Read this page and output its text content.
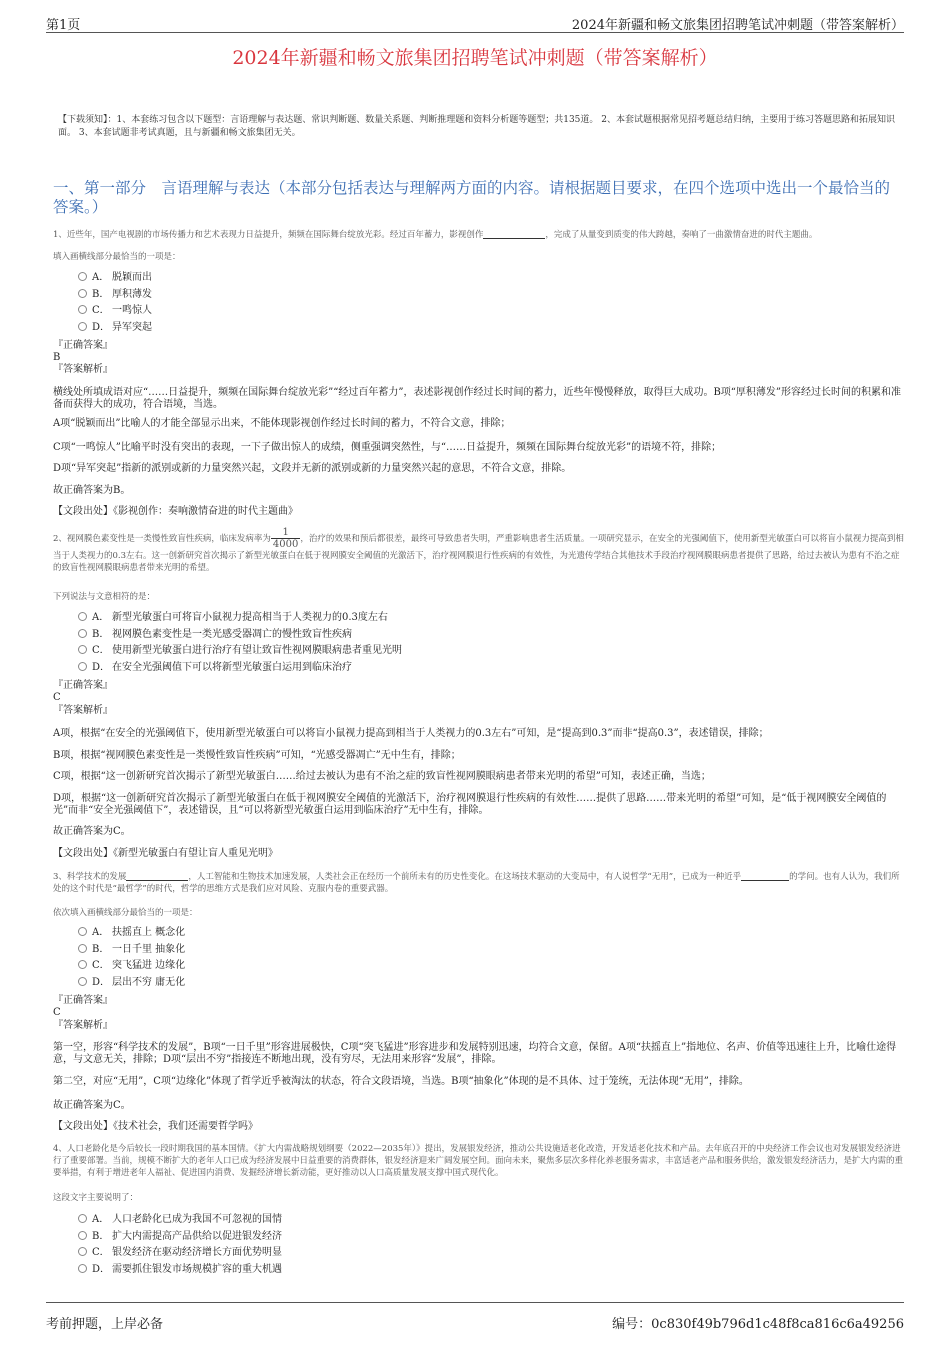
第1页	2024年新疆和畅文旅集团招聘笔试冲刺题（带答案解析）
2024年新疆和畅文旅集团招聘笔试冲刺题（带答案解析）
【下载须知】：1、本套练习包含以下题型：言语理解与表达题、常识判断题、数量关系题、判断推理题和资料分析题等题型；共135道。 2、本套试题根据常见招考题总结归纳，主要用于练习答题思路和拓展知识面。 3、本套试题非考试真题，且与新疆和畅文旅集团无关。
一、第一部分　言语理解与表达（本部分包括表达与理解两方面的内容。请根据题目要求，在四个选项中选出一个最恰当的答案。）
1、近些年，国产电视剧的市场传播力和艺术表现力日益提升，频频在国际舞台绽放光彩。经过百年蓄力，影视创作	，完成了从量变到质变的伟大跨越，奏响了一曲激情奋进的时代主题曲。
填入画横线部分最恰当的一项是：
A． 脱颖而出
B． 厚积薄发
C． 一鸣惊人
D． 异军突起
『正确答案』
B
『答案解析』
横线处所填成语对应“……日益提升，频频在国际舞台绽放光彩”“经过百年蓄力”，表述影视创作经过长时间的蓄力，近些年慢慢释放，取得巨大成功。B项“厚积薄发”形容经过长时间的积累和准备而获得大的成功，符合语境，当选。
A项“脱颖而出”比喻人的才能全部显示出来，不能体现影视创作经过长时间的蓄力，不符合文意，排除；
C项“一鸣惊人”比喻平时没有突出的表现，一下子做出惊人的成绩，侧重强调突然性，与“……日益提升，频频在国际舞台绽放光彩”的语境不符，排除；
D项“异军突起”指新的派别或新的力量突然兴起，文段并无新的派别或新的力量突然兴起的意思，不符合文意，排除。
故正确答案为B。
【文段出处】《影视创作：奏响激情奋进的时代主题曲》
2、视网膜色素变性是一类慢性致盲性疾病，临床发病率为 $\frac{1}{4000}$ ，治疗的效果和预后都很差，最终可导致患者失明，严重影响患者生活质量。一项研究显示，在安全的光强阈值下，使用新型光敏蛋白可以将盲小鼠视力提高到相当于人类视力的0.3左右。这一创新研究首次揭示了新型光敏蛋白在低于视网膜安全阈值的光激活下，治疗视网膜退行性疾病的有效性，为光遗传学结合其他技术手段治疗视网膜眼病患者提供了思路，给过去被认为患有不治之症的致盲性视网膜眼病患者带来光明的希望。
下列说法与文意相符的是：
A． 新型光敏蛋白可将盲小鼠视力提高相当于人类视力的0.3度左右
B． 视网膜色素变性是一类光感受器凋亡的慢性致盲性疾病
C． 使用新型光敏蛋白进行治疗有望让致盲性视网膜眼病患者重见光明
D． 在安全光强阈值下可以将新型光敏蛋白运用到临床治疗
『正确答案』
C
『答案解析』
A项，根据“在安全的光强阈值下，使用新型光敏蛋白可以将盲小鼠视力提高到相当于人类视力的0.3左右”可知，是“提高到0.3”而非“提高0.3”，表述错误，排除；
B项，根据“视网膜色素变性是一类慢性致盲性疾病”可知，“光感受器凋亡”无中生有，排除；
C项，根据“这一创新研究首次揭示了新型光敏蛋白……给过去被认为患有不治之症的致盲性视网膜眼病患者带来光明的希望”可知，表述正确，当选；
D项，根据“这一创新研究首次揭示了新型光敏蛋白在低于视网膜安全阈值的光激活下，治疗视网膜退行性疾病的有效性……提供了思路……带来光明的希望”可知，是“低于视网膜安全阈值的光”而非“安全光强阈值下”，表述错误，且“可以将新型光敏蛋白运用到临床治疗”无中生有，排除。
故正确答案为C。
【文段出处】《新型光敏蛋白有望让盲人重见光明》
3、科学技术的发展	，人工智能和生物技术加速发展，人类社会正在经历一个前所未有的历史性变化。在这场技术驱动的大变局中，有人说哲学“无用”，已成为一种近乎	的学问。也有人认为，我们所处的这个时代是“最哲学”的时代，哲学的思维方式是我们应对风险、克服内卷的重要武器。
依次填入画横线部分最恰当的一项是：
A． 扶摇直上 概念化
B． 一日千里 抽象化
C． 突飞猛进 边缘化
D． 层出不穷 庸无化
『正确答案』
C
『答案解析』
第一空，形容“科学技术的发展”，B项“一日千里”形容进展极快，C项“突飞猛进”形容进步和发展特别迅速，均符合文意，保留。A项“扶摇直上”指地位、名声、价值等迅速往上升，比喻仕途得意，与文意无关，排除；D项“层出不穷”指接连不断地出现，没有穷尽，无法用来形容“发展”，排除。
第二空，对应“无用”，C项“边缘化”体现了哲学近乎被淘汰的状态，符合文段语境，当选。B项“抽象化”体现的是不具体、过于笼统，无法体现“无用”，排除。
故正确答案为C。
【文段出处】《技术社会，我们还需要哲学吗》
4、人口老龄化是今后较长一段时期我国的基本国情。《扩大内需战略规划纲要（2022—2035年）》提出，发展银发经济，推动公共设施适老化改造，开发适老化技术和产品。去年底召开的中央经济工作会议也对发展银发经济进行了重要部署。当前，规模不断扩大的老年人口已成为经济发展中日益重要的消费群体，银发经济迎来广阔发展空间。面向未来，聚焦多层次多样化养老服务需求，丰富适老产品和服务供给，激发银发经济活力，是扩大内需的重要举措，有利于增进老年人福祉、促进国内消费、发掘经济增长新动能，更好推动以人口高质量发展支撑中国式现代化。
这段文字主要说明了：
A． 人口老龄化已成为我国不可忽视的国情
B． 扩大内需提高产品供给以促进银发经济
C． 银发经济在驱动经济增长方面优势明显
D． 需要抓住银发市场规模扩容的重大机遇
考前押题，上岸必备	编号：0c830f49b796d1c48f8ca816c6a49256
